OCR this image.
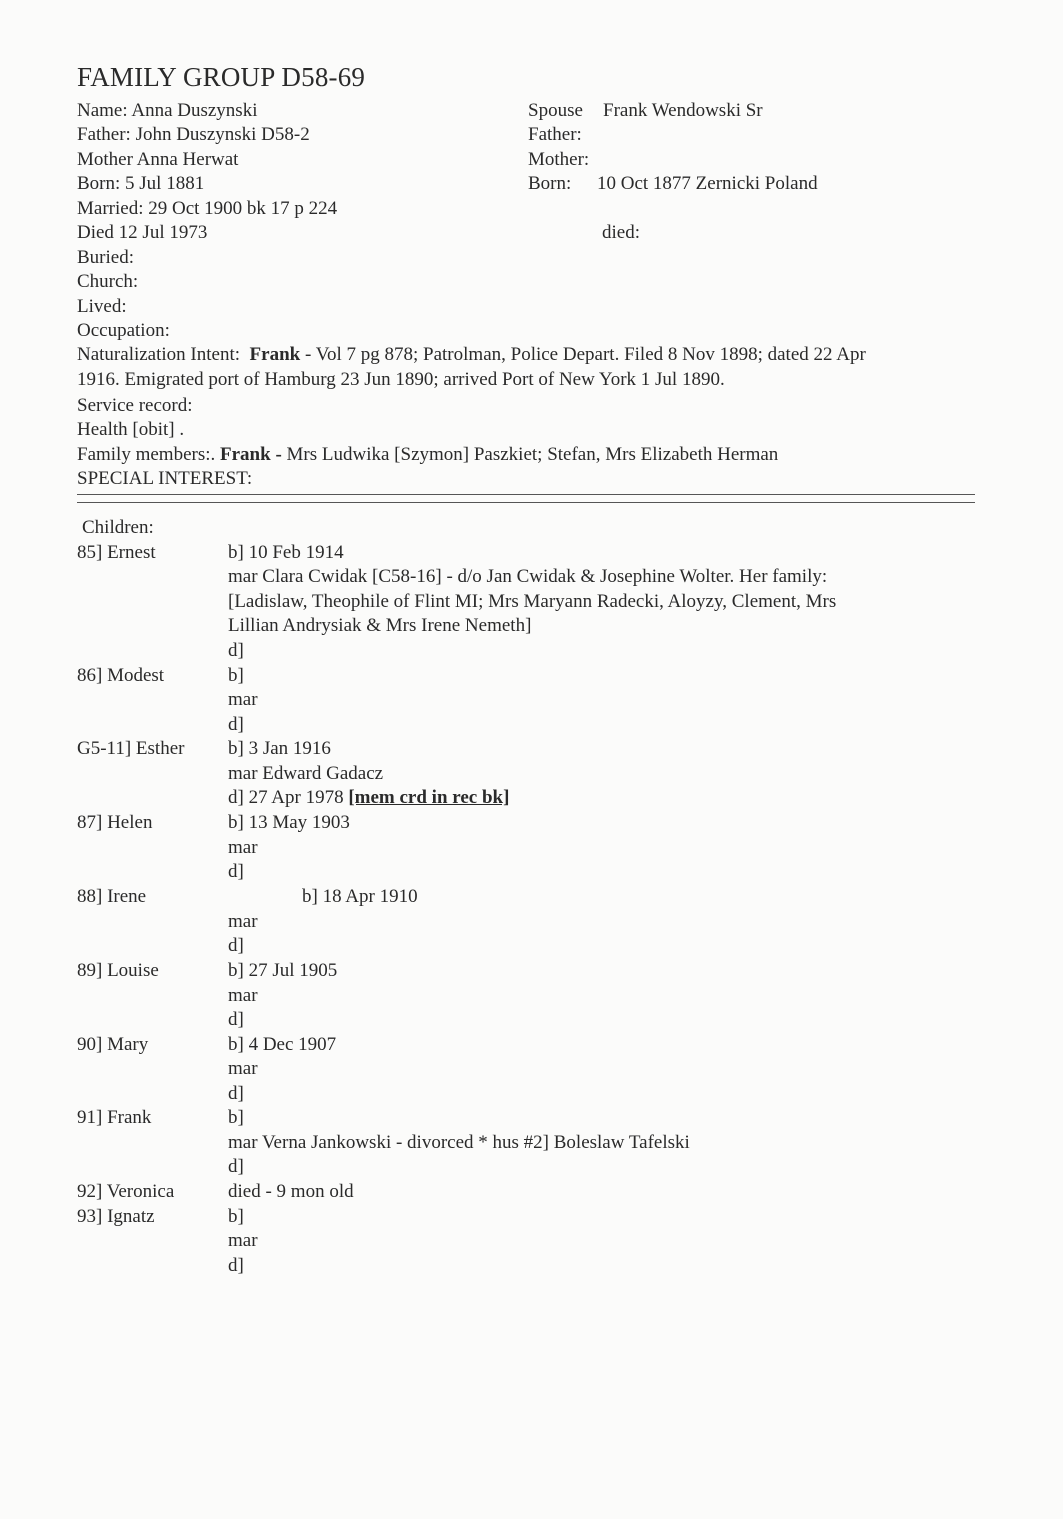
FAMILY GROUP D58-69
Name: Anna Duszynski
Father: John Duszynski D58-2
Mother Anna Herwat
Born: 5 Jul 1881
Married: 29 Oct 1900 bk 17 p 224
Died 12 Jul 1973
Buried:
Church:
Lived:
Occupation:
Spouse Frank Wendowski Sr
Father:
Mother:
Born: 10 Oct 1877 Zernicki Poland
died:
Naturalization Intent: Frank - Vol 7 pg 878; Patrolman, Police Depart. Filed 8 Nov 1898; dated 22 Apr
1916. Emigrated port of Hamburg 23 Jun 1890; arrived Port of New York 1 Jul 1890.
Service record:
Health [obit] .
Family members:. Frank - Mrs Ludwika [Szymon] Paszkiet; Stefan, Mrs Elizabeth Herman
SPECIAL INTEREST:
Children:
85] Ernest	b] 10 Feb 1914
mar Clara Cwidak [C58-16] - d/o Jan Cwidak & Josephine Wolter. Her family:
[Ladislaw, Theophile of Flint MI; Mrs Maryann Radecki, Aloyzy, Clement, Mrs
Lillian Andrysiak & Mrs Irene Nemeth]
d]
86] Modest	b]
mar
d]
G5-11] Esther b] 3 Jan 1916
mar Edward Gadacz
d] 27 Apr 1978 [mem crd in rec bk]
87] Helen	b] 13 May 1903
mar
d]
88] Irene	b] 18 Apr 1910
mar
d]
89] Louise	b] 27 Jul 1905
mar
d]
90] Mary	b] 4 Dec 1907
mar
d]
91] Frank	b]
mar Verna Jankowski - divorced * hus #2] Boleslaw Tafelski
d]
92] Veronica	died - 9 mon old
93] Ignatz	b]
mar
d]
